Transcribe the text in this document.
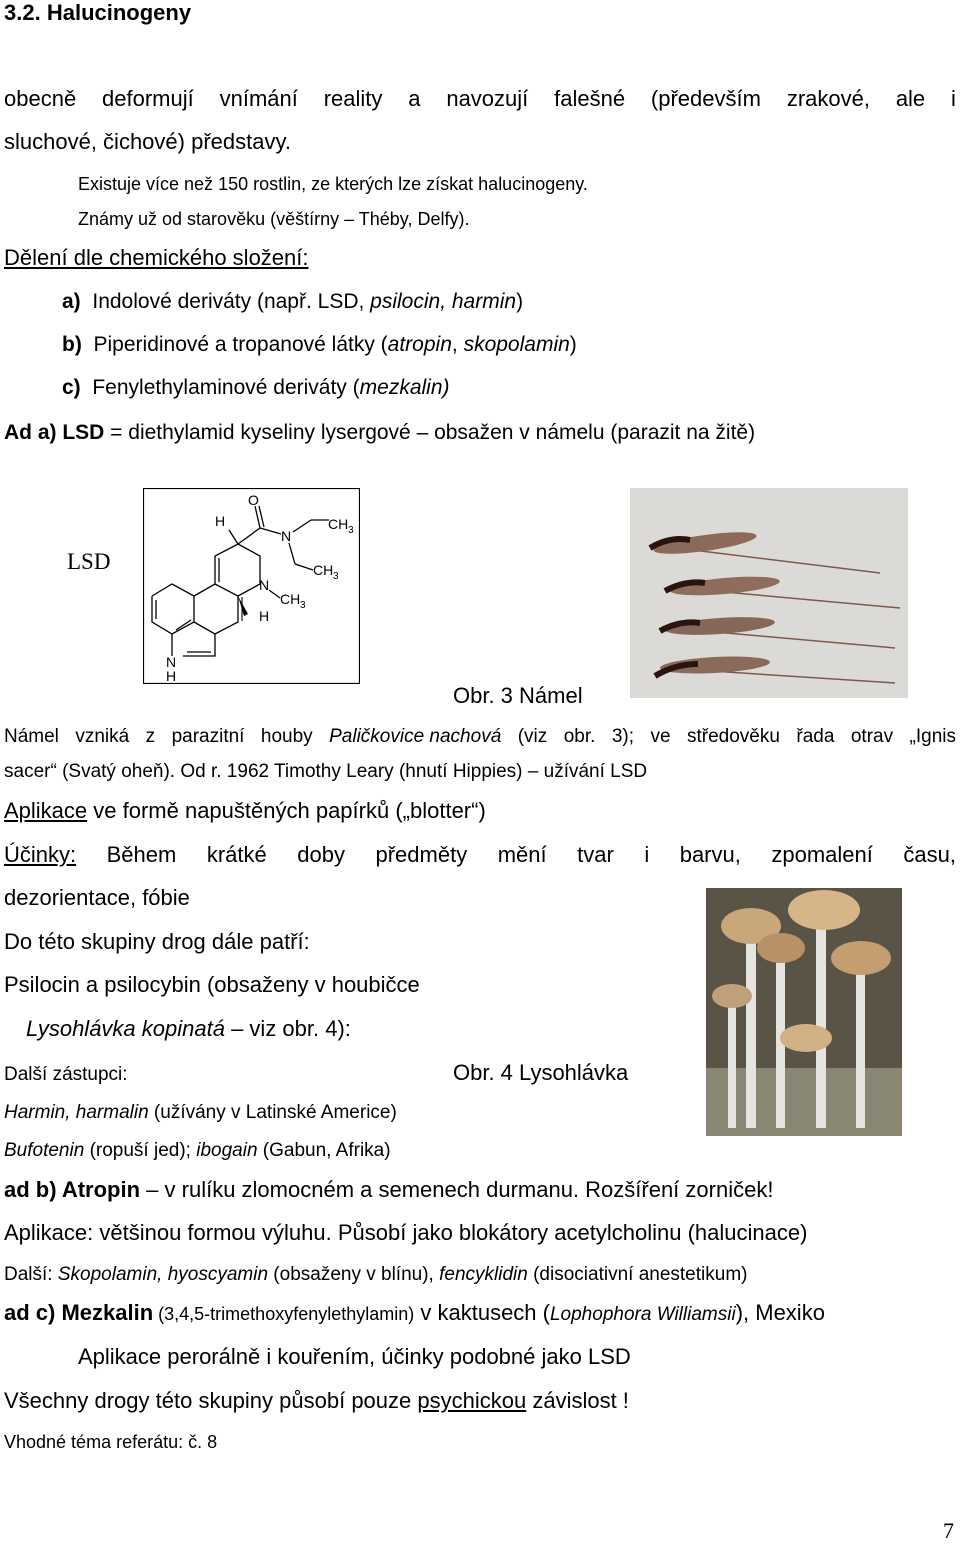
3.2. Halucinogeny
obecně deformují vnímání reality a navozují falešné (především zrakové, ale i
sluchové, čichové) představy.
Existuje více než 150 rostlin, ze kterých lze získat halucinogeny.
Známy už od starověku (věštírny – Théby, Delfy).
Dělení dle chemického složení:
a) Indolové deriváty (např. LSD, psilocin, harmin)
b) Piperidinové a tropanové látky (atropin, skopolamin)
c) Fenylethylaminové deriváty (mezkalin)
Ad a) LSD = diethylamid kyseliny lysergové – obsažen v námelu (parazit na žitě)
LSD
O
H
N
CH 3
CH 3
N
CH 3
H
N
H
Obr. 3 Námel
Námel vzniká z parazitní houby Paličkovice nachová (viz obr. 3); ve středověku řada otrav „Ignis
sacer“ (Svatý oheň). Od r. 1962 Timothy Leary (hnutí Hippies) – užívání LSD
Aplikace ve formě napuštěných papírků („blotter“)
Účinky: Během krátké doby předměty mění tvar i barvu, zpomalení času,
dezorientace, fóbie
Do této skupiny drog dále patří:
Psilocin a psilocybin (obsaženy v houbičce
Lysohlávka kopinatá – viz obr. 4):
Další zástupci:	Obr. 4 Lysohlávka
Harmin, harmalin (užívány v Latinské Americe)
Bufotenin (ropuší jed); ibogain (Gabun, Afrika)
ad b) Atropin – v rulíku zlomocném a semenech durmanu. Rozšíření zorniček!
Aplikace: většinou formou výluhu. Působí jako blokátory acetylcholinu (halucinace)
Další: Skopolamin, hyoscyamin (obsaženy v blínu), fencyklidin (disociativní anestetikum)
ad c) Mezkalin (3,4,5-trimethoxyfenylethylamin) v kaktusech (Lophophora Williamsii), Mexiko
Aplikace perorálně i kouřením, účinky podobné jako LSD
Všechny drogy této skupiny působí pouze psychickou závislost !
Vhodné téma referátu: č. 8
7
